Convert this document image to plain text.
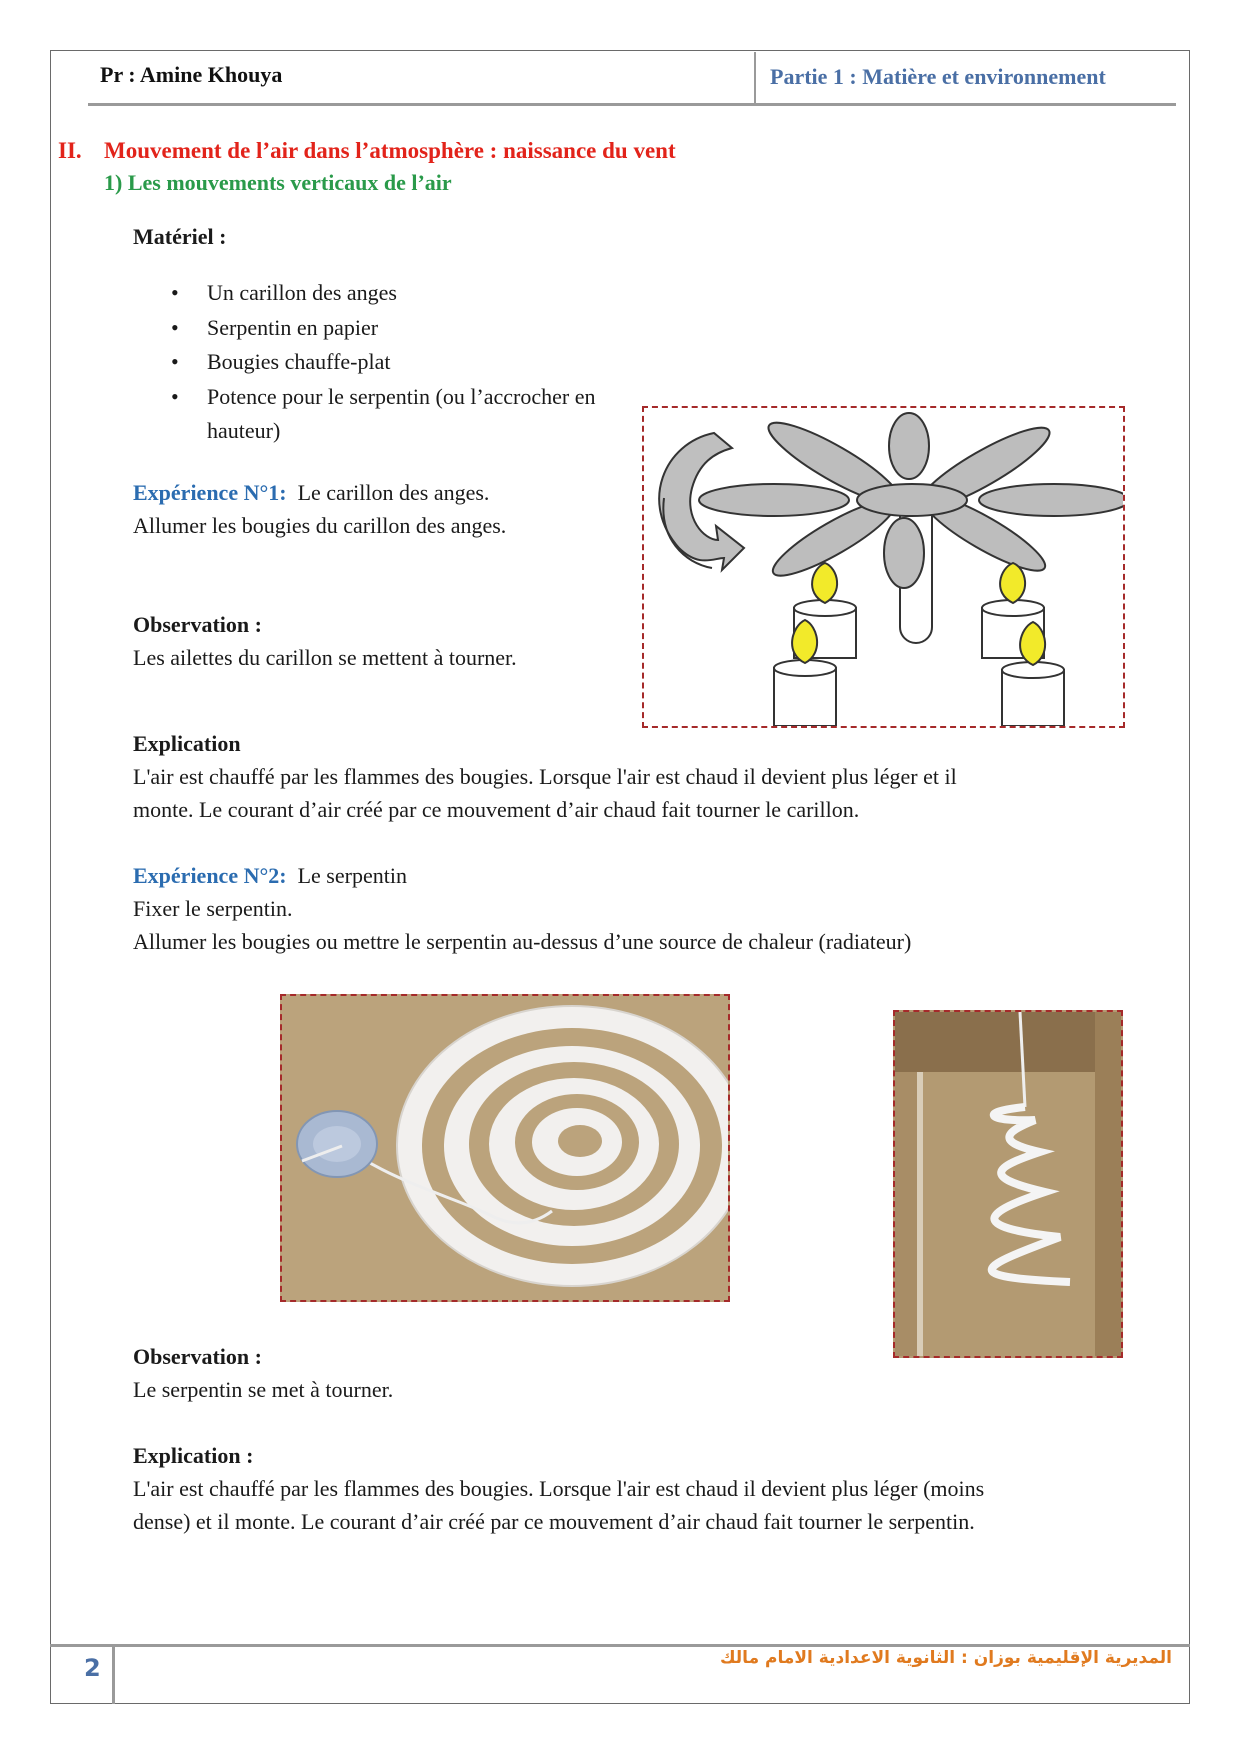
Pr : Amine Khouya	Partie 1 : Matière et environnement
II. Mouvement de l’air dans l’atmosphère : naissance du vent
1) Les mouvements verticaux de l’air
Matériel :
• Un carillon des anges
• Serpentin en papier
• Bougies chauffe-plat
• Potence pour le serpentin (ou l’accrocher en hauteur)
Expérience N°1: Le carillon des anges.
Allumer les bougies du carillon des anges.
Observation :
Les ailettes du carillon se mettent à tourner.
Explication
L'air est chauffé par les flammes des bougies. Lorsque l'air est chaud il devient plus léger et il
monte. Le courant d’air créé par ce mouvement d’air chaud fait tourner le carillon.
Expérience N°2: Le serpentin
Fixer le serpentin.
Allumer les bougies ou mettre le serpentin au-dessus d’une source de chaleur (radiateur)
Observation :
Le serpentin se met à tourner.
Explication :
L'air est chauffé par les flammes des bougies. Lorsque l'air est chaud il devient plus léger (moins
dense) et il monte. Le courant d’air créé par ce mouvement d’air chaud fait tourner le serpentin.
2	المديرية الإقليمية بوزان : الثانوية الاعدادية الامام مالك
